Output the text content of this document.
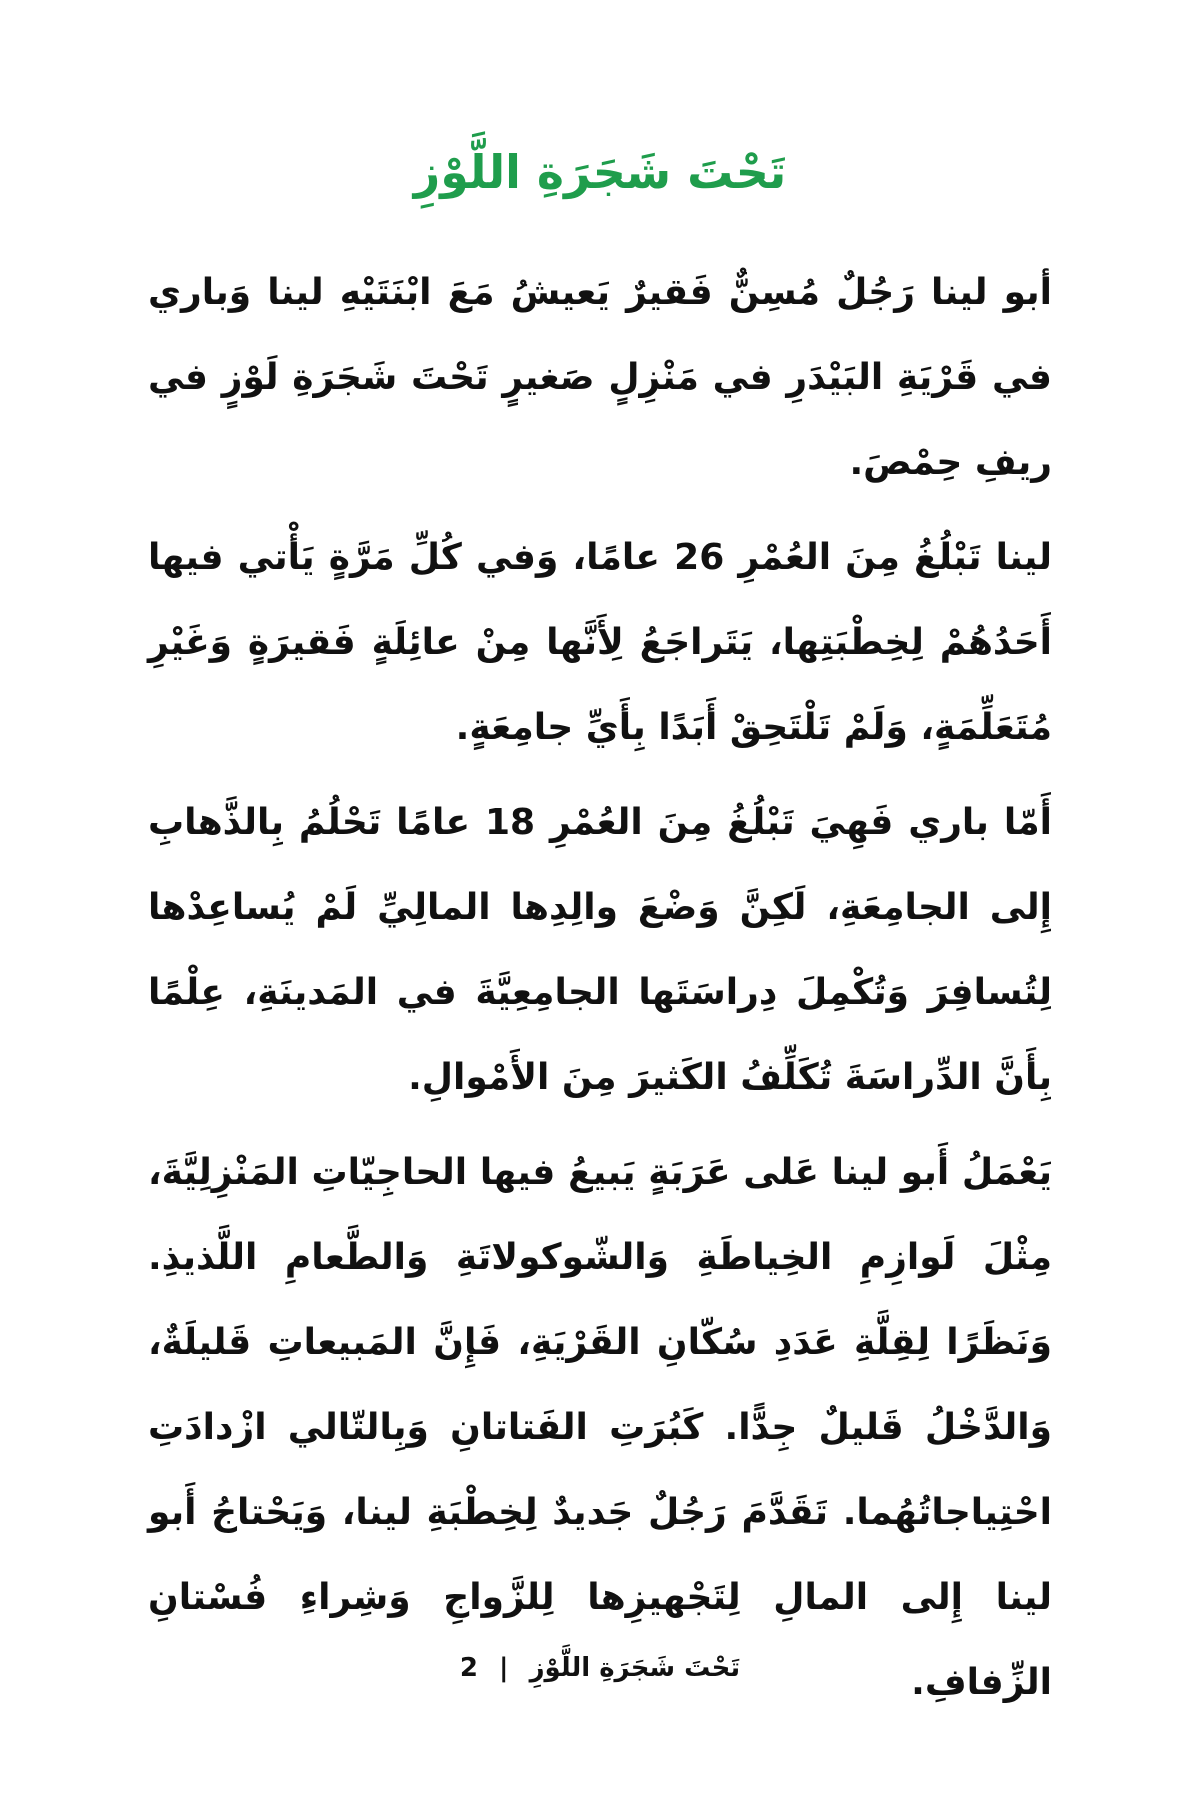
تَحْتَ شَجَرَةِ اللَّوْزِ

أبو لينا رَجُلٌ مُسِنٌّ فَقيرٌ يَعيشُ مَعَ ابْنَتَيْهِ لينا وَباري في قَرْيَةِ البَيْدَرِ في مَنْزِلٍ صَغيرٍ تَحْتَ شَجَرَةِ لَوْزٍ في ريفِ حِمْصَ.

لينا تَبْلُغُ مِنَ العُمْرِ 26 عامًا، وَفي كُلِّ مَرَّةٍ يَأْتي فيها أَحَدُهُمْ لِخِطْبَتِها، يَتَراجَعُ لِأَنَّها مِنْ عائِلَةٍ فَقيرَةٍ وَغَيْرِ مُتَعَلِّمَةٍ، وَلَمْ تَلْتَحِقْ أَبَدًا بِأَيِّ جامِعَةٍ.

أَمّا باري فَهِيَ تَبْلُغُ مِنَ العُمْرِ 18 عامًا تَحْلُمُ بِالذَّهابِ إِلى الجامِعَةِ، لَكِنَّ وَضْعَ والِدِها المالِيِّ لَمْ يُساعِدْها لِتُسافِرَ وَتُكْمِلَ دِراسَتَها الجامِعِيَّةَ في المَدينَةِ، عِلْمًا بِأَنَّ الدِّراسَةَ تُكَلِّفُ الكَثيرَ مِنَ الأَمْوالِ.

يَعْمَلُ أَبو لينا عَلى عَرَبَةٍ يَبيعُ فيها الحاجِيّاتِ المَنْزِلِيَّةَ، مِثْلَ لَوازِمِ الخِياطَةِ وَالشّوكولاتَةِ وَالطَّعامِ اللَّذيذِ. وَنَظَرًا لِقِلَّةِ عَدَدِ سُكّانِ القَرْيَةِ، فَإِنَّ المَبيعاتِ قَليلَةٌ، وَالدَّخْلُ قَليلٌ جِدًّا. كَبُرَتِ الفَتاتانِ وَبِالتّالي ازْدادَتِ احْتِياجاتُهُما. تَقَدَّمَ رَجُلٌ جَديدٌ لِخِطْبَةِ لينا، وَيَحْتاجُ أَبو لينا إِلى المالِ لِتَجْهيزِها لِلزَّواجِ وَشِراءِ فُسْتانِ الزِّفافِ.

تَحْتَ شَجَرَةِ اللَّوْزِ | 2
